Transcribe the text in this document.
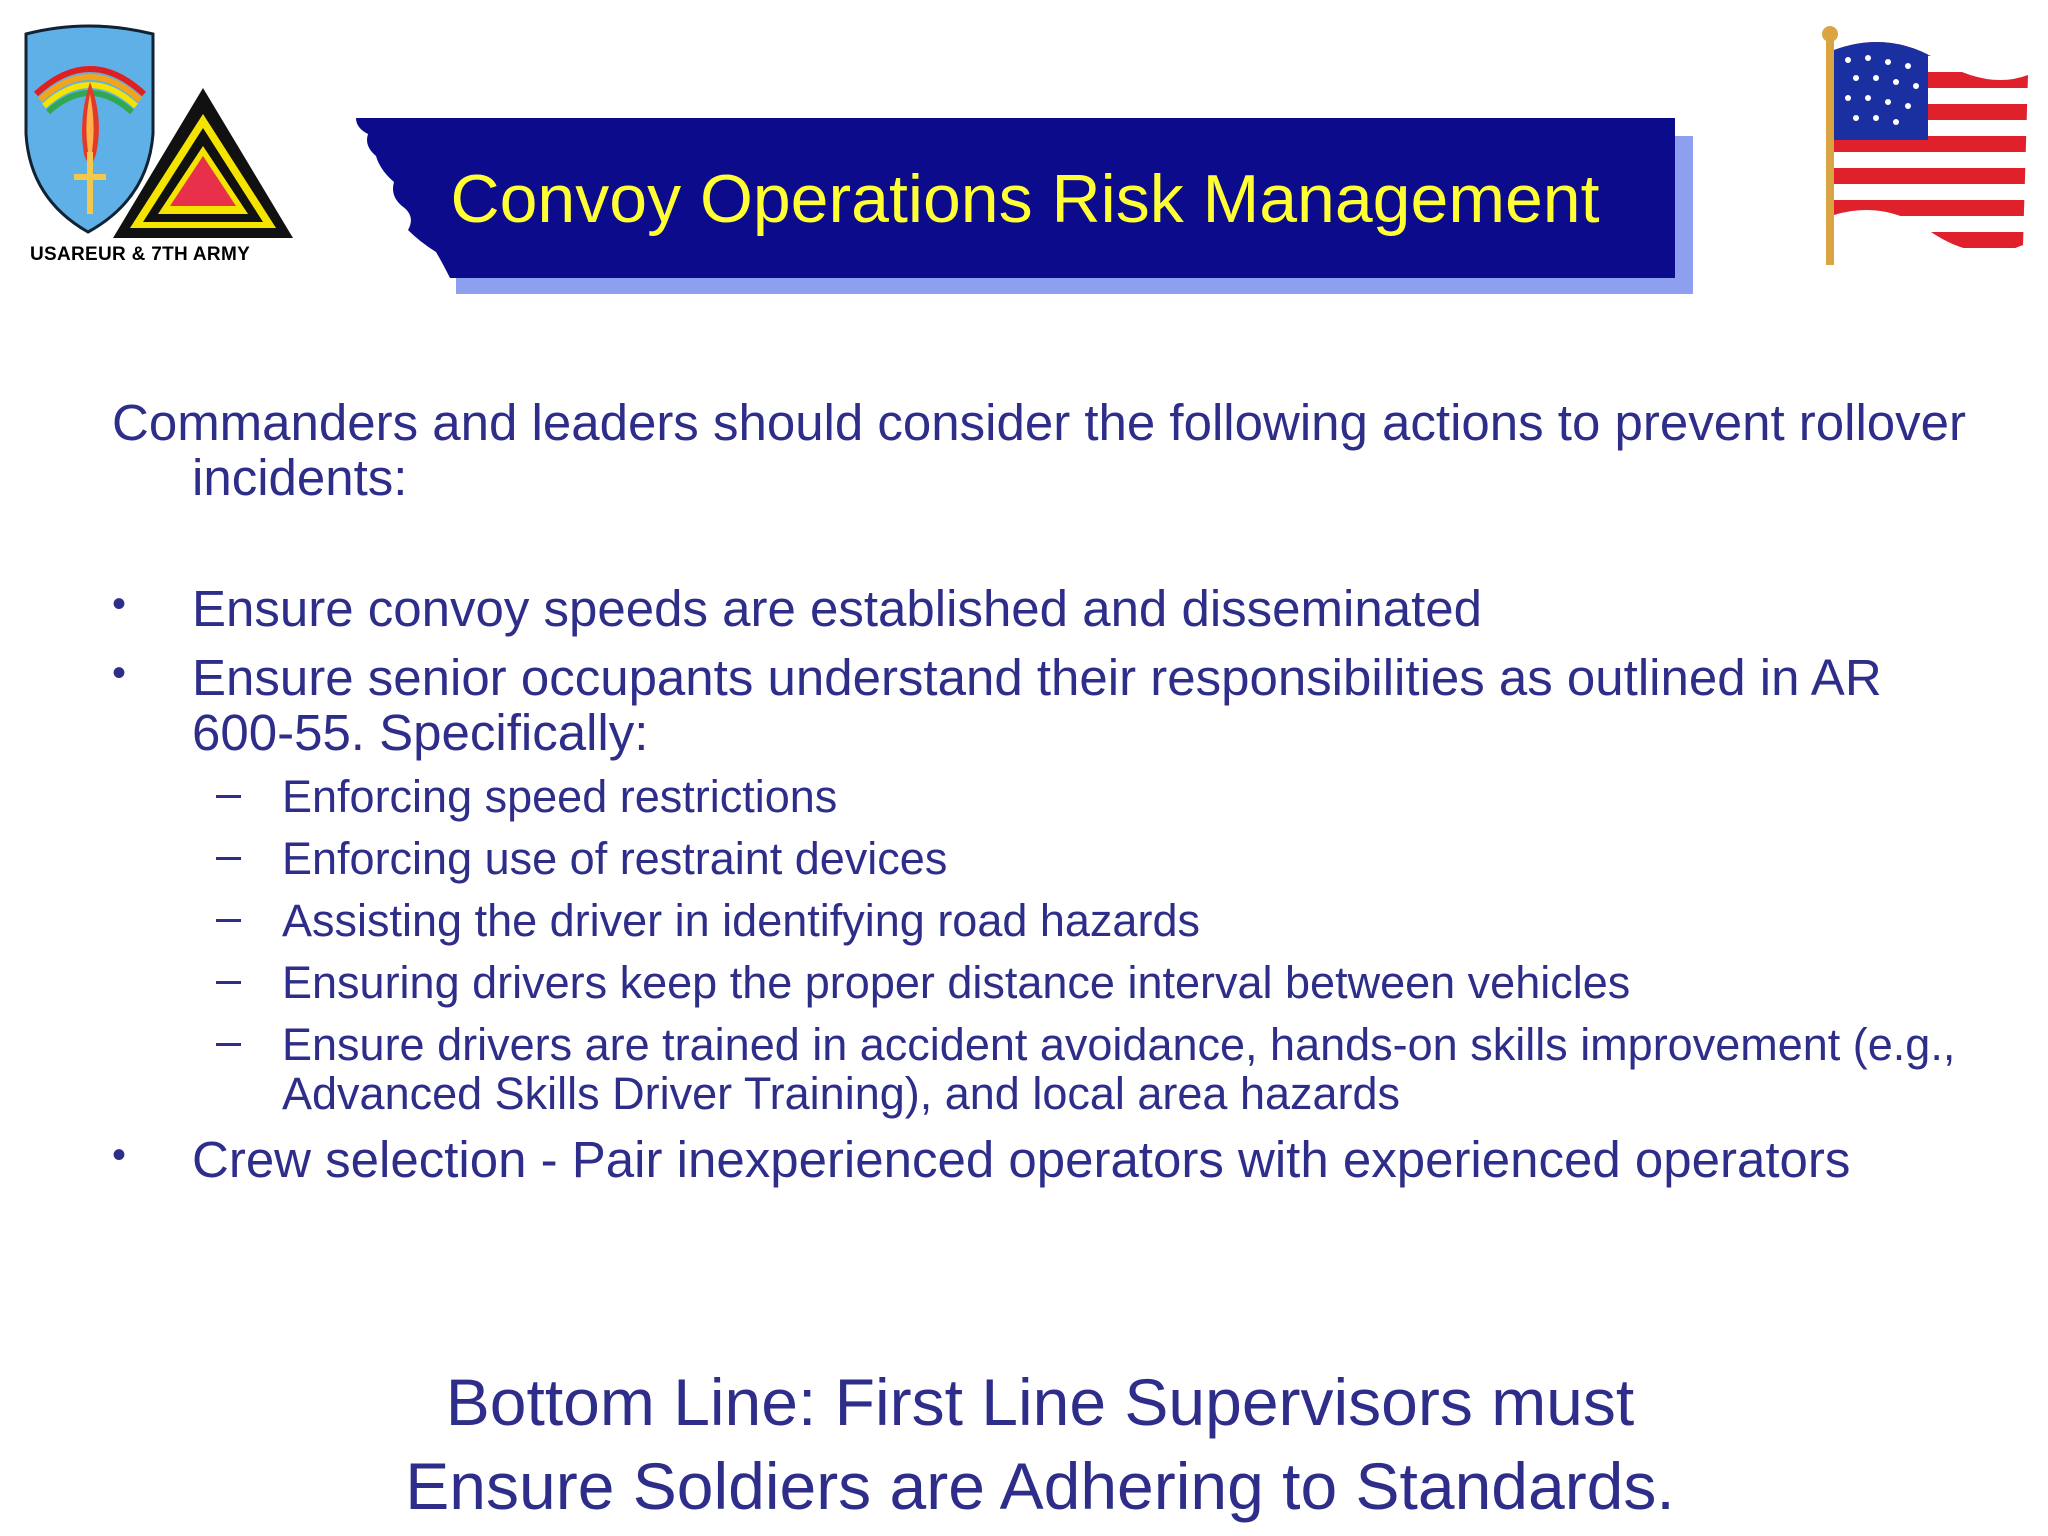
USAREUR & 7TH ARMY
Convoy Operations Risk Management

Commanders and leaders should consider the following actions to prevent rollover incidents:

• Ensure convoy speeds are established and disseminated
• Ensure senior occupants understand their responsibilities as outlined in AR 600-55. Specifically:
– Enforcing speed restrictions
– Enforcing use of restraint devices
– Assisting the driver in identifying road hazards
– Ensuring drivers keep the proper distance interval between vehicles
– Ensure drivers are trained in accident avoidance, hands-on skills improvement (e.g., Advanced Skills Driver Training), and local area hazards
• Crew selection - Pair inexperienced operators with experienced operators
Bottom Line: First Line Supervisors must
Ensure Soldiers are Adhering to Standards.
